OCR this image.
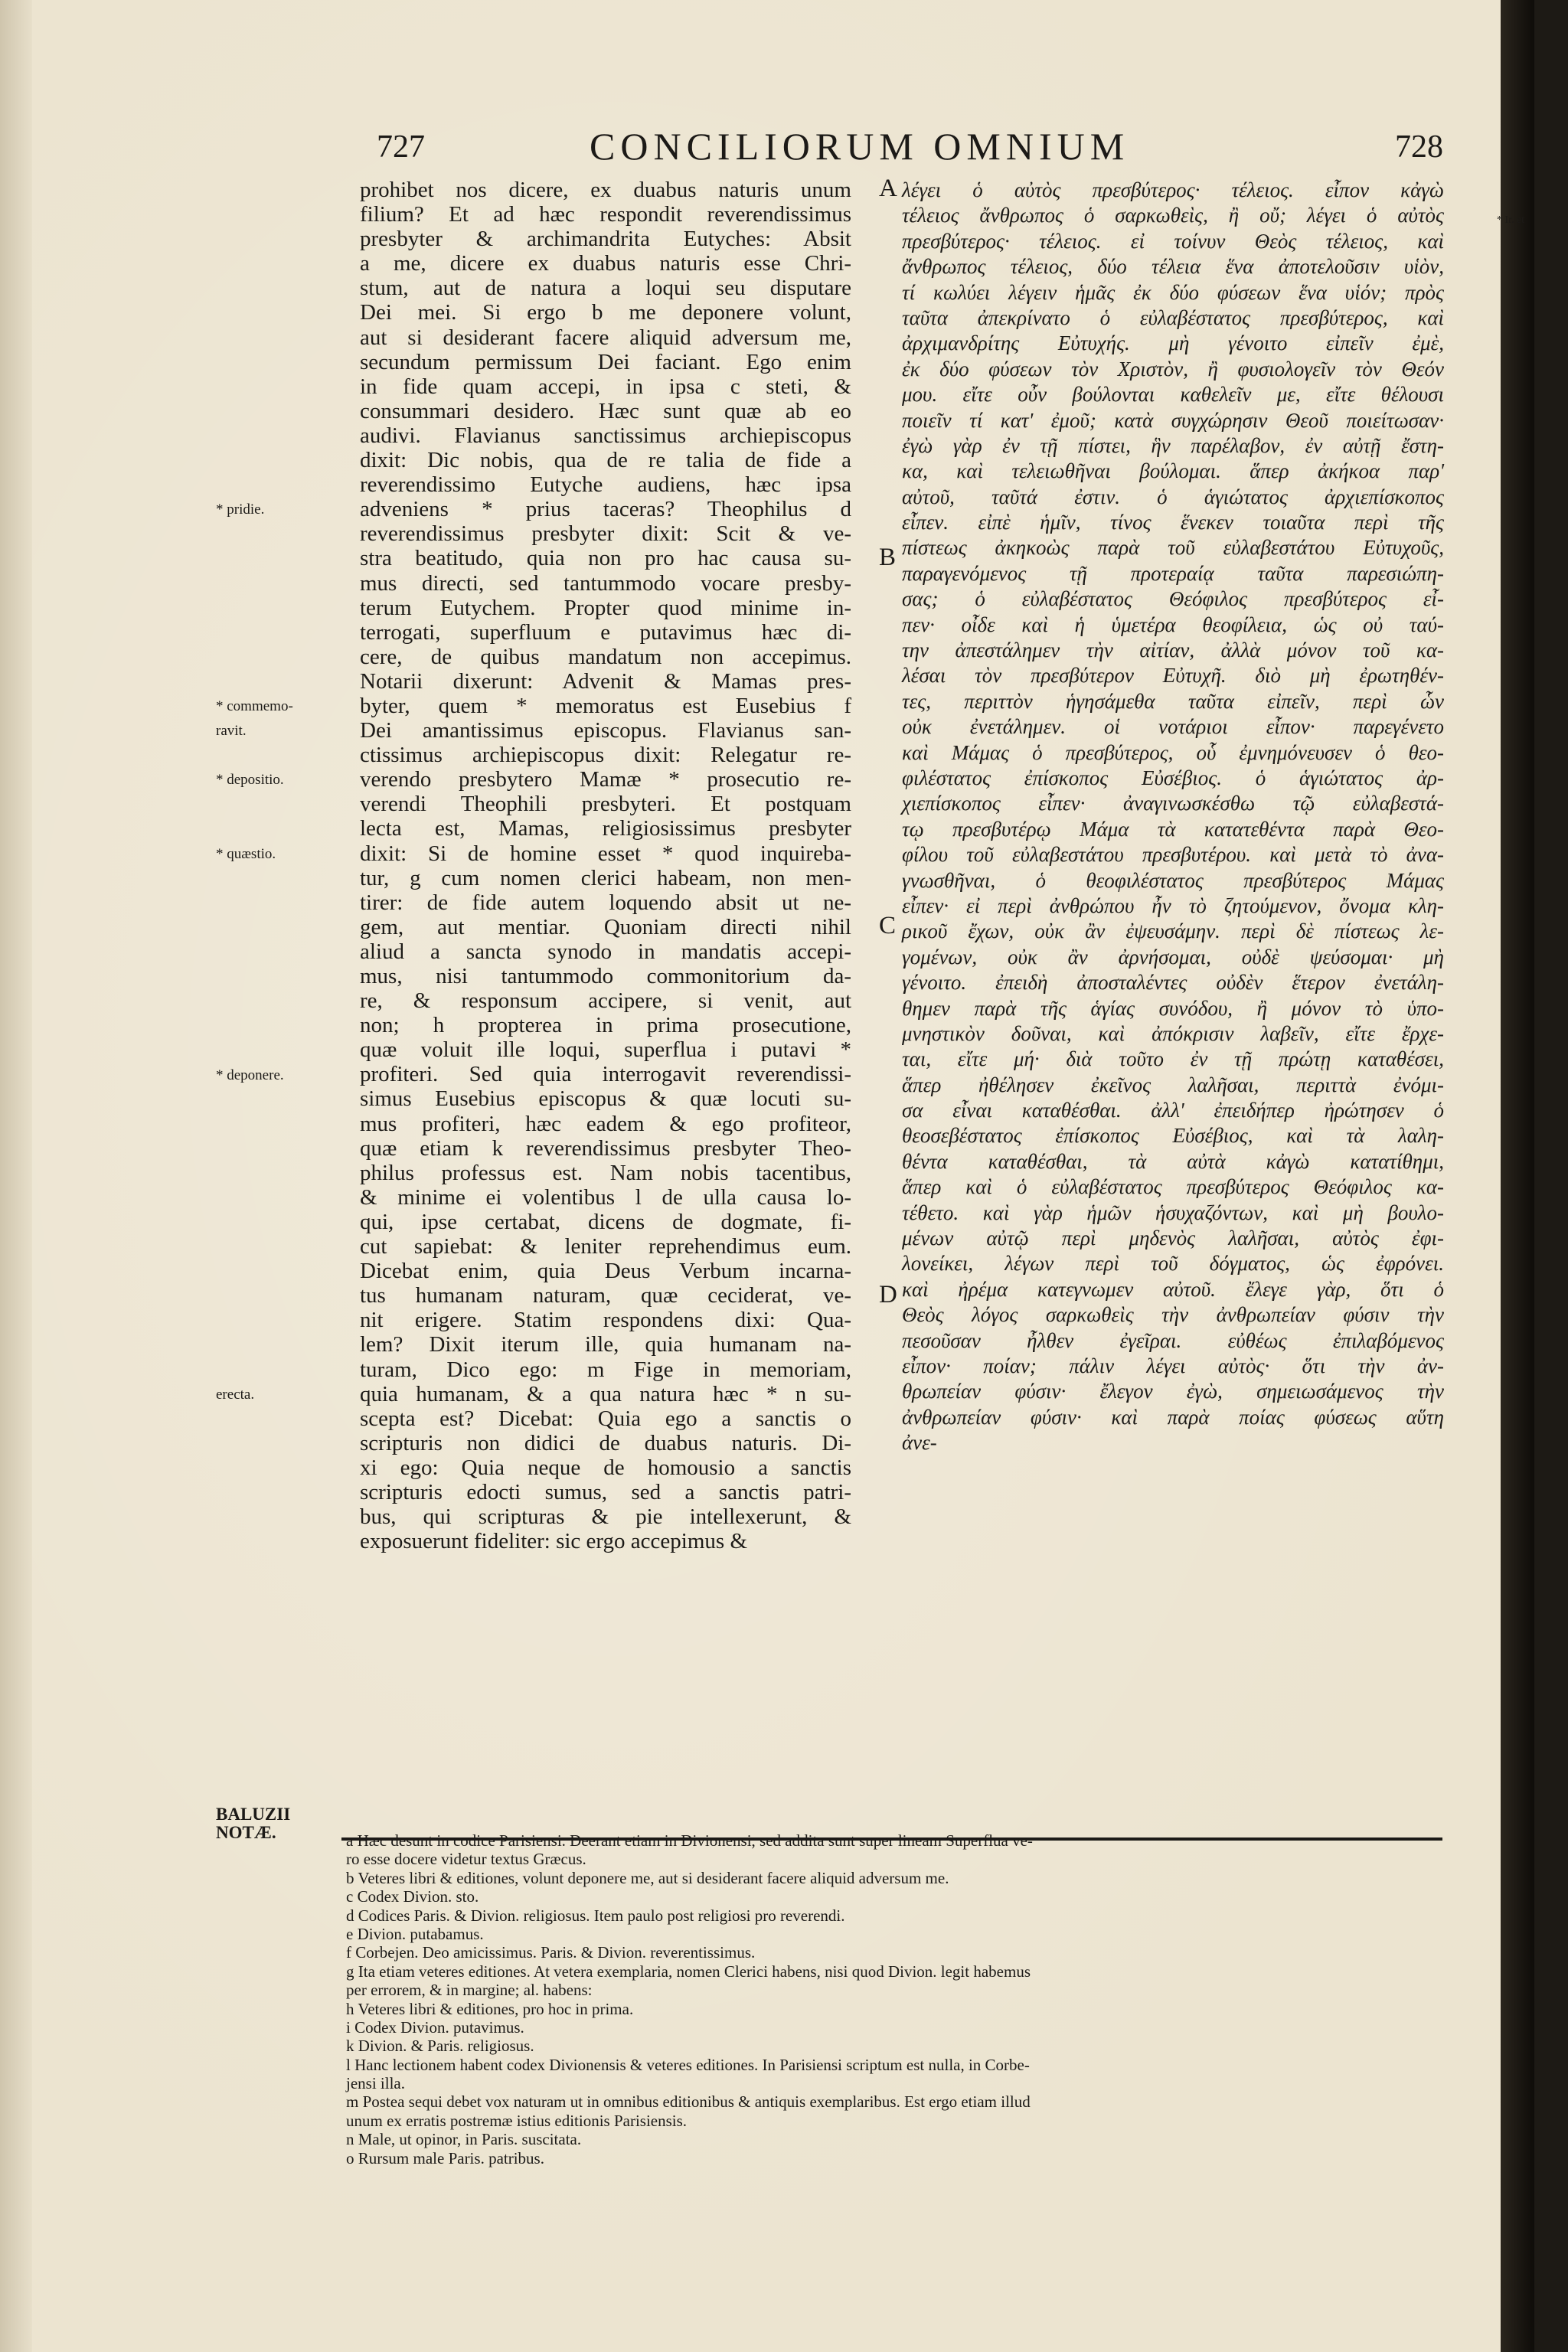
727	CONCILIORUM OMNIUM	728
* Ir. et
prohibet nos dicere, ex duabus naturis unum
filium? Et ad hæc respondit reverendissimus
presbyter & archimandrita Eutyches: Absit
a me, dicere ex duabus naturis esse Chri-
stum, aut de natura a loqui seu disputare
Dei mei. Si ergo b me deponere volunt,
aut si desiderant facere aliquid adversum me,
secundum permissum Dei faciant. Ego enim
in fide quam accepi, in ipsa c steti, &
consummari desidero. Hæc sunt quæ ab eo
audivi. Flavianus sanctissimus archiepiscopus
dixit: Dic nobis, qua de re talia de fide a
reverendissimo Eutyche audiens, hæc ipsa
adveniens * prius taceras? Theophilus d
reverendissimus presbyter dixit: Scit & ve-
stra beatitudo, quia non pro hac causa su-
mus directi, sed tantummodo vocare presby-
terum Eutychem. Propter quod minime in-
terrogati, superfluum e putavimus hæc di-
cere, de quibus mandatum non accepimus.
Notarii dixerunt: Advenit & Mamas pres-
byter, quem * memoratus est Eusebius f
Dei amantissimus episcopus. Flavianus san-
ctissimus archiepiscopus dixit: Relegatur re-
verendo presbytero Mamæ * prosecutio re-
verendi Theophili presbyteri. Et postquam
lecta est, Mamas, religiosissimus presbyter
dixit: Si de homine esset * quod inquireba-
tur, g cum nomen clerici habeam, non men-
tirer: de fide autem loquendo absit ut ne-
gem, aut mentiar. Quoniam directi nihil
aliud a sancta synodo in mandatis accepi-
mus, nisi tantummodo commonitorium da-
re, & responsum accipere, si venit, aut
non; h propterea in prima prosecutione,
quæ voluit ille loqui, superflua i putavi *
profiteri. Sed quia interrogavit reverendissi-
simus Eusebius episcopus & quæ locuti su-
mus profiteri, hæc eadem & ego profiteor,
quæ etiam k reverendissimus presbyter Theo-
philus professus est. Nam nobis tacentibus,
& minime ei volentibus l de ulla causa lo-
qui, ipse certabat, dicens de dogmate, fi-
cut sapiebat: & leniter reprehendimus eum.
Dicebat enim, quia Deus Verbum incarna-
tus humanam naturam, quæ ceciderat, ve-
nit erigere. Statim respondens dixi: Qua-
lem? Dixit iterum ille, quia humanam na-
turam, Dico ego: m Fige in memoriam,
quia humanam, & a qua natura hæc * n su-
scepta est? Dicebat: Quia ego a sanctis o
scripturis non didici de duabus naturis. Di-
xi ego: Quia neque de homousio a sanctis
scripturis edocti sumus, sed a sanctis patri-
bus, qui scripturas & pie intellexerunt, &
exposuerunt fideliter: sic ergo accepimus &
λέγει ὁ αὐτὸς πρεσβύτερος· τέλειος. εἶπον κἀγὼ
τέλειος ἄνθρωπος ὁ σαρκωθεὶς, ἢ οὔ; λέγει ὁ αὐτὸς
πρεσβύτερος· τέλειος. εἰ τοίνυν Θεὸς τέλειος, καὶ
ἄνθρωπος τέλειος, δύο τέλεια ἕνα ἀποτελοῦσιν υἱὸν,
τί κωλύει λέγειν ἡμᾶς ἐκ δύο φύσεων ἕνα υἱόν; πρὸς
ταῦτα ἀπεκρίνατο ὁ εὐλαβέστατος πρεσβύτερος, καὶ
ἀρχιμανδρίτης Εὐτυχής. μὴ γένοιτο εἰπεῖν ἐμὲ,
ἐκ δύο φύσεων τὸν Χριστὸν, ἢ φυσιολογεῖν τὸν Θεόν
μου. εἴτε οὖν βούλονται καθελεῖν με, εἴτε θέλουσι
ποιεῖν τί κατ' ἐμοῦ; κατὰ συγχώρησιν Θεοῦ ποιείτωσαν·
ἐγὼ γὰρ ἐν τῇ πίστει, ἣν παρέλαβον, ἐν αὐτῇ ἔστη-
κα, καὶ τελειωθῆναι βούλομαι. ἅπερ ἀκήκοα παρ'
αὐτοῦ, ταῦτά ἐστιν. ὁ ἁγιώτατος ἀρχιεπίσκοπος
εἶπεν. εἰπὲ ἡμῖν, τίνος ἕνεκεν τοιαῦτα περὶ τῆς
πίστεως ἀκηκοὼς παρὰ τοῦ εὐλαβεστάτου Εὐτυχοῦς,
παραγενόμενος τῇ προτεραίᾳ ταῦτα παρεσιώπη-
σας; ὁ εὐλαβέστατος Θεόφιλος πρεσβύτερος εἶ-
πεν· οἶδε καὶ ἡ ὑμετέρα θεοφίλεια, ὡς οὐ ταύ-
την ἀπεστάλημεν τὴν αἰτίαν, ἀλλὰ μόνον τοῦ κα-
λέσαι τὸν πρεσβύτερον Εὐτυχῆ. διὸ μὴ ἐρωτηθέν-
τες, περιττὸν ἡγησάμεθα ταῦτα εἰπεῖν, περὶ ὧν
οὐκ ἐνετάλημεν. οἱ νοτάριοι εἶπον· παρεγένετο
καὶ Μάμας ὁ πρεσβύτερος, οὗ ἐμνημόνευσεν ὁ θεο-
φιλέστατος ἐπίσκοπος Εὐσέβιος. ὁ ἁγιώτατος ἀρ-
χιεπίσκοπος εἶπεν· ἀναγινωσκέσθω τῷ εὐλαβεστά-
τῳ πρεσβυτέρῳ Μάμα τὰ κατατεθέντα παρὰ Θεο-
φίλου τοῦ εὐλαβεστάτου πρεσβυτέρου. καὶ μετὰ τὸ ἀνα-
γνωσθῆναι, ὁ θεοφιλέστατος πρεσβύτερος Μάμας
εἶπεν· εἰ περὶ ἀνθρώπου ἦν τὸ ζητούμενον, ὄνομα κλη-
ρικοῦ ἔχων, οὐκ ἂν ἐψευσάμην. περὶ δὲ πίστεως λε-
γομένων, οὐκ ἂν ἀρνήσομαι, οὐδὲ ψεύσομαι· μὴ
γένοιτο. ἐπειδὴ ἀποσταλέντες οὐδὲν ἕτερον ἐνετάλη-
θημεν παρὰ τῆς ἁγίας συνόδου, ἢ μόνον τὸ ὑπο-
μνηστικὸν δοῦναι, καὶ ἀπόκρισιν λαβεῖν, εἴτε ἔρχε-
ται, εἴτε μή· διὰ τοῦτο ἐν τῇ πρώτῃ καταθέσει,
ἅπερ ἠθέλησεν ἐκεῖνος λαλῆσαι, περιττὰ ἐνόμι-
σα εἶναι καταθέσθαι. ἀλλ' ἐπειδήπερ ἠρώτησεν ὁ
θεοσεβέστατος ἐπίσκοπος Εὐσέβιος, καὶ τὰ λαλη-
θέντα καταθέσθαι, τὰ αὐτὰ κἀγὼ κατατίθημι,
ἅπερ καὶ ὁ εὐλαβέστατος πρεσβύτερος Θεόφιλος κα-
τέθετο. καὶ γὰρ ἡμῶν ἡσυχαζόντων, καὶ μὴ βουλο-
μένων αὐτῷ περὶ μηδενὸς λαλῆσαι, αὐτὸς ἐφι-
λονείκει, λέγων περὶ τοῦ δόγματος, ὡς ἐφρόνει.
καὶ ἠρέμα κατεγνωμεν αὐτοῦ. ἔλεγε γὰρ, ὅτι ὁ
Θεὸς λόγος σαρκωθεὶς τὴν ἀνθρωπείαν φύσιν τὴν
πεσοῦσαν ἦλθεν ἐγεῖραι. εὐθέως ἐπιλαβόμενος
εἶπον· ποίαν; πάλιν λέγει αὐτὸς· ὅτι τὴν ἀν-
θρωπείαν φύσιν· ἔλεγον ἐγὼ, σημειωσάμενος τὴν
ἀνθρωπείαν φύσιν· καὶ παρὰ ποίας φύσεως αὕτη
ἀνε-
* pridie.
* commemo-
ravit.
* depositio.
* quæstio.
* deponere.
erecta.
A
B
C
D
BALUZII
NOTÆ.	a Hæc desunt in codice Parisiensi. Deerant etiam in Divionensi, sed addita sunt super lineam Superflua ve-
ro esse docere videtur textus Græcus.
b Veteres libri & editiones, volunt deponere me, aut si desiderant facere aliquid adversum me.
c Codex Divion. sto.
d Codices Paris. & Divion. religiosus. Item paulo post religiosi pro reverendi.
e Divion. putabamus.
f Corbejen. Deo amicissimus. Paris. & Divion. reverentissimus.
g Ita etiam veteres editiones. At vetera exemplaria, nomen Clerici habens, nisi quod Divion. legit habemus
per errorem, & in margine; al. habens:
h Veteres libri & editiones, pro hoc in prima.
i Codex Divion. putavimus.
k Divion. & Paris. religiosus.
l Hanc lectionem habent codex Divionensis & veteres editiones. In Parisiensi scriptum est nulla, in Corbe-
jensi illa.
m Postea sequi debet vox naturam ut in omnibus editionibus & antiquis exemplaribus. Est ergo etiam illud
unum ex erratis postremæ istius editionis Parisiensis.
n Male, ut opinor, in Paris. suscitata.
o Rursum male Paris. patribus.
